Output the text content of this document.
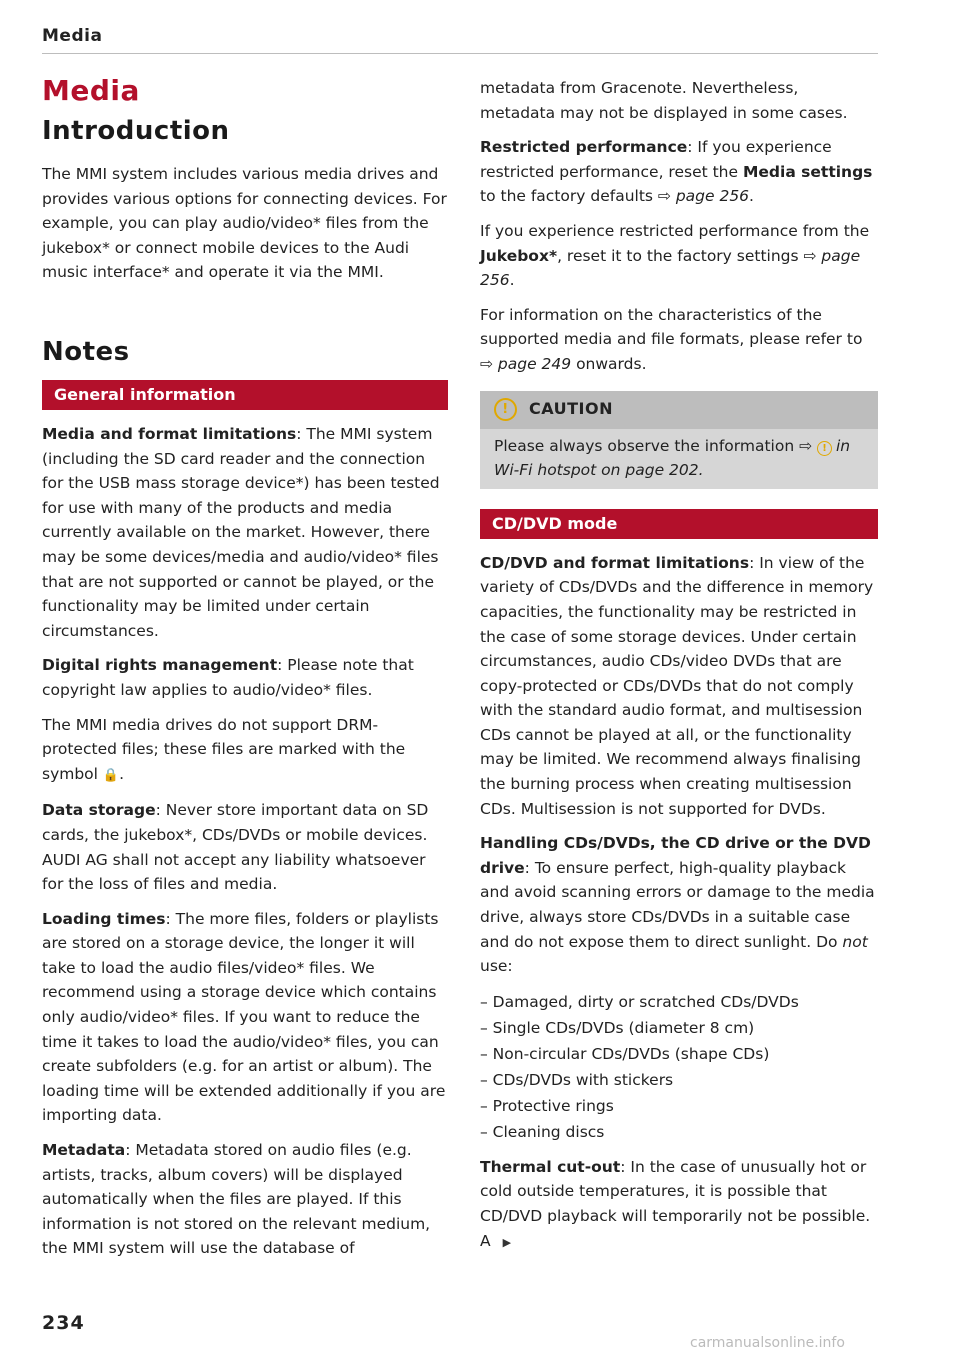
Media
Media
Introduction

The MMI system includes various media drives and provides various options for connecting devices. For example, you can play audio/video* files from the jukebox* or connect mobile devices to the Audi music interface* and operate it via the MMI.

Notes
General information

Media and format limitations: The MMI system (including the SD card reader and the connection for the USB mass storage device*) has been tested for use with many of the products and media currently available on the market. However, there may be some devices/media and audio/video* files that are not supported or cannot be played, or the functionality may be limited under certain circumstances.

Digital rights management: Please note that copyright law applies to audio/video* files.

The MMI media drives do not support DRM-protected files; these files are marked with the symbol 🔒.

Data storage: Never store important data on SD cards, the jukebox*, CDs/DVDs or mobile devices. AUDI AG shall not accept any liability whatsoever for the loss of files and media.

Loading times: The more files, folders or playlists are stored on a storage device, the longer it will take to load the audio files/video* files. We recommend using a storage device which contains only audio/video* files. If you want to reduce the time it takes to load the audio/video* files, you can create subfolders (e.g. for an artist or album). The loading time will be extended additionally if you are importing data.

Metadata: Metadata stored on audio files (e.g. artists, tracks, album covers) will be displayed automatically when the files are played. If this information is not stored on the relevant medium, the MMI system will use the database of

metadata from Gracenote. Nevertheless, metadata may not be displayed in some cases.

Restricted performance: If you experience restricted performance, reset the Media settings to the factory defaults ⇨ page 256.

If you experience restricted performance from the Jukebox*, reset it to the factory settings ⇨ page 256.

For information on the characteristics of the supported media and file formats, please refer to ⇨ page 249 onwards.

!	CAUTION
Please always observe the information ⇨ ! in Wi-Fi hotspot on page 202.
CD/DVD mode

CD/DVD and format limitations: In view of the variety of CDs/DVDs and the difference in memory capacities, the functionality may be restricted in the case of some storage devices. Under certain circumstances, audio CDs/video DVDs that are copy-protected or CDs/DVDs that do not comply with the standard audio format, and multisession CDs cannot be played at all, or the functionality may be limited. We recommend always finalising the burning process when creating multisession CDs. Multisession is not supported for DVDs.

Handling CDs/DVDs, the CD drive or the DVD drive: To ensure perfect, high-quality playback and avoid scanning errors or damage to the media drive, always store CDs/DVDs in a suitable case and do not expose them to direct sunlight. Do not use:

– Damaged, dirty or scratched CDs/DVDs
– Single CDs/DVDs (diameter 8 cm)
– Non-circular CDs/DVDs (shape CDs)
– CDs/DVDs with stickers
– Protective rings
– Cleaning discs

Thermal cut-out: In the case of unusually hot or cold outside temperatures, it is possible that CD/DVD playback will temporarily not be possible. A ▶

234
carmanualsonline.info
